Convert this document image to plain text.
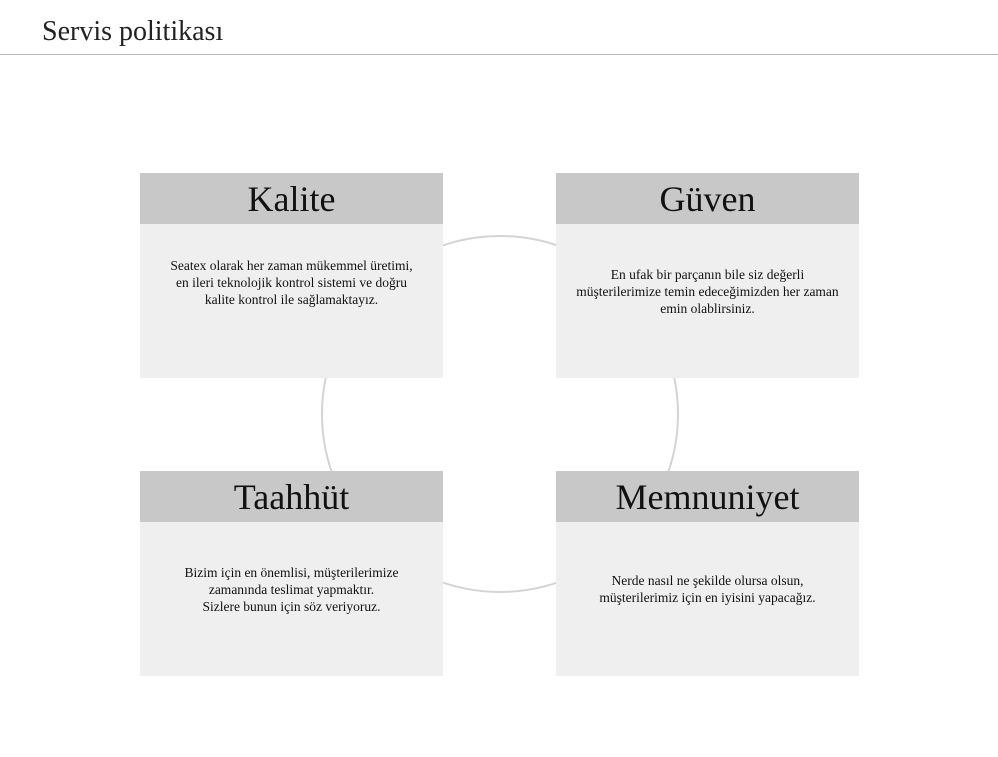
Servis politikası
Kalite
Seatex olarak her zaman mükemmel üretimi,
en ileri teknolojik kontrol sistemi ve doğru
kalite kontrol ile sağlamaktayız.
Güven
En ufak bir parçanın bile siz değerli
müşterilerimize temin edeceğimizden her zaman
emin olablirsiniz.
Taahhüt
Bizim için en önemlisi, müşterilerimize
zamanında teslimat yapmaktır.
Sizlere bunun için söz veriyoruz.
Memnuniyet
Nerde nasıl ne şekilde olursa olsun,
müşterilerimiz için en iyisini yapacağız.
